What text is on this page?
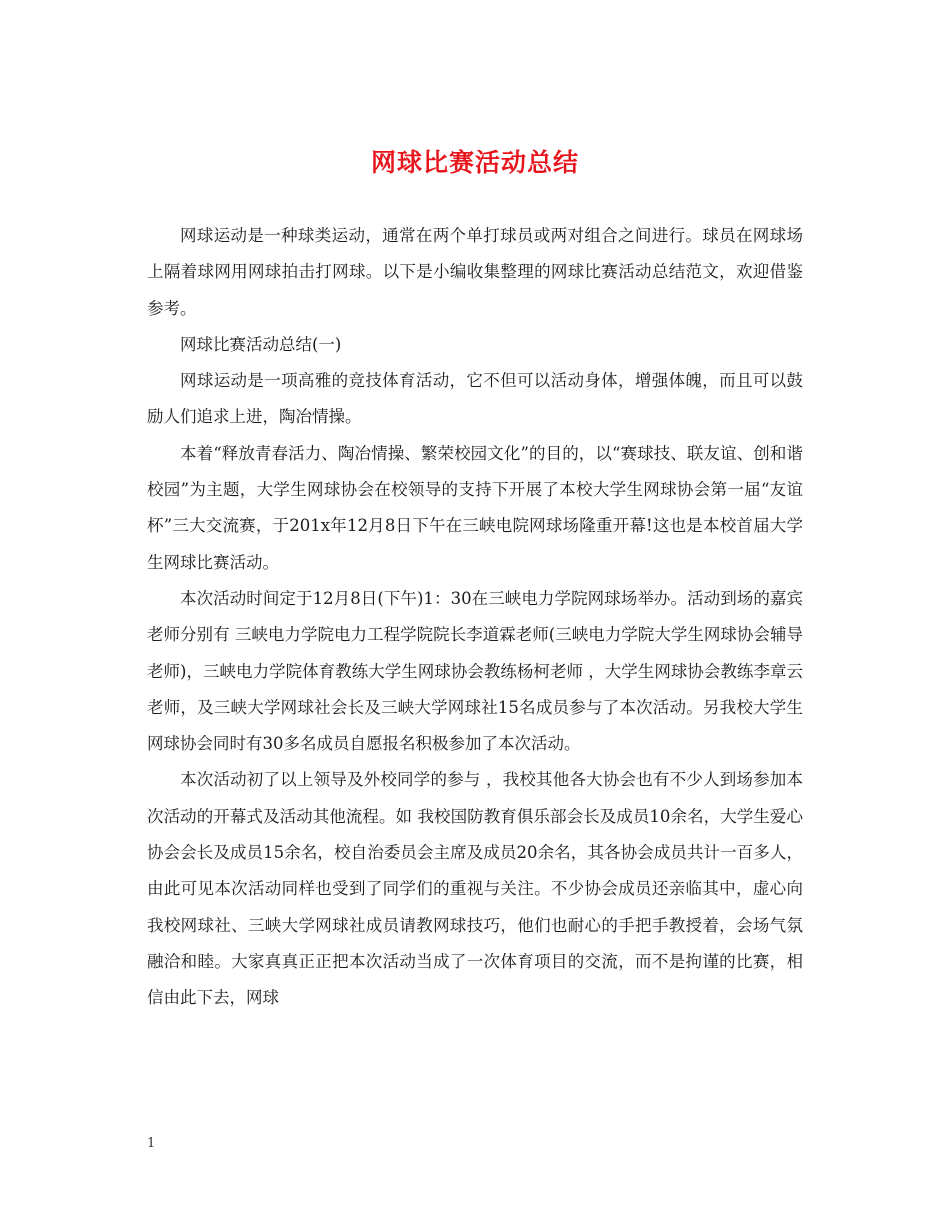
网球比赛活动总结

网球运动是一种球类运动，通常在两个单打球员或两对组合之间进行。球员在网球场上隔着球网用网球拍击打网球。以下是小编收集整理的网球比赛活动总结范文，欢迎借鉴参考。

网球比赛活动总结(一)

网球运动是一项高雅的竞技体育活动，它不但可以活动身体，增强体魄，而且可以鼓励人们追求上进，陶冶情操。

本着“释放青春活力、陶冶情操、繁荣校园文化”的目的，以“赛球技、联友谊、创和谐校园”为主题，大学生网球协会在校领导的支持下开展了本校大学生网球协会第一届“友谊杯”三大交流赛，于201x年12月8日下午在三峡电院网球场隆重开幕!这也是本校首届大学生网球比赛活动。

本次活动时间定于12月8日(下午)1：30在三峡电力学院网球场举办。活动到场的嘉宾老师分别有 三峡电力学院电力工程学院院长李道霖老师(三峡电力学院大学生网球协会辅导老师)，三峡电力学院体育教练大学生网球协会教练杨柯老师 ，大学生网球协会教练李章云老师，及三峡大学网球社会长及三峡大学网球社15名成员参与了本次活动。另我校大学生网球协会同时有30多名成员自愿报名积极参加了本次活动。

本次活动初了以上领导及外校同学的参与 ，我校其他各大协会也有不少人到场参加本次活动的开幕式及活动其他流程。如 我校国防教育俱乐部会长及成员10余名，大学生爱心协会会长及成员15余名，校自治委员会主席及成员20余名，其各协会成员共计一百多人，由此可见本次活动同样也受到了同学们的重视与关注。不少协会成员还亲临其中，虚心向我校网球社、三峡大学网球社成员请教网球技巧，他们也耐心的手把手教授着，会场气氛融洽和睦。大家真真正正把本次活动当成了一次体育项目的交流，而不是拘谨的比赛，相信由此下去，网球

1
